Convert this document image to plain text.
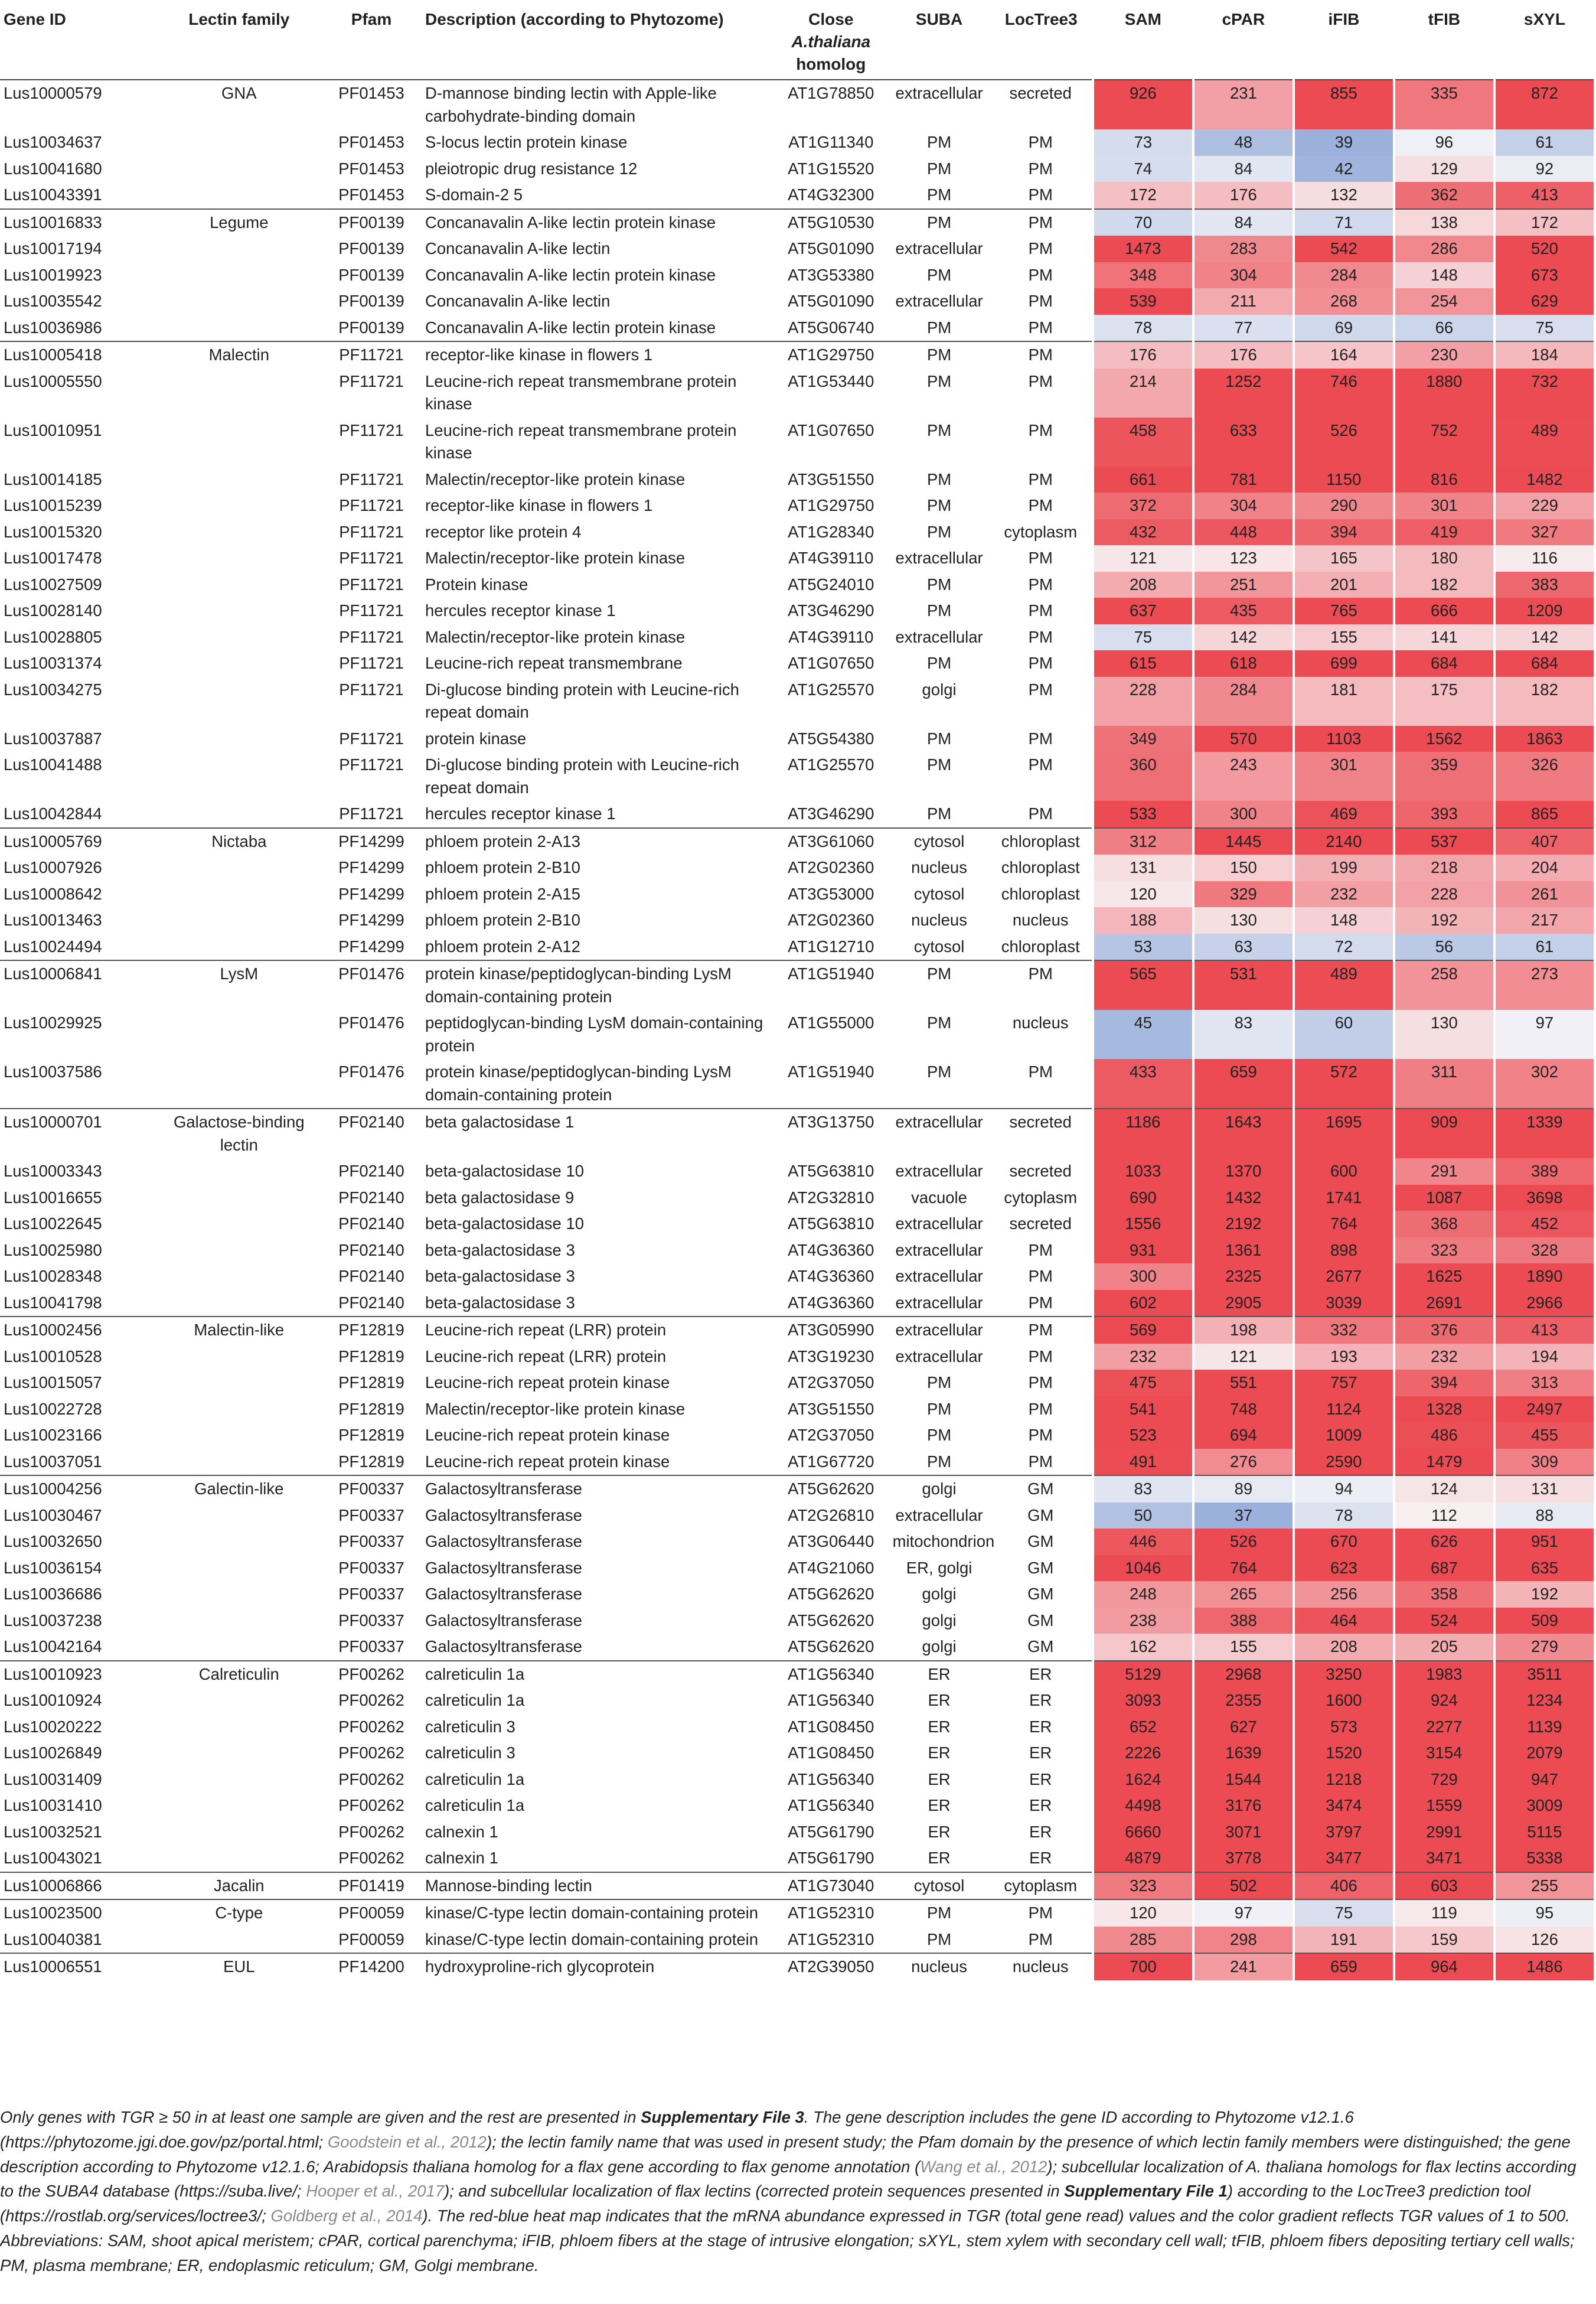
Gene ID	Lectin family	Pfam	Description (according to Phytozome)	Close
A.thaliana
homolog	SUBA	LocTree3	SAM	cPAR	iFIB	tFIB	sXYL
Lus10000579	GNA	PF01453	D-mannose binding lectin with Apple-like carbohydrate-binding domain	AT1G78850	extracellular	secreted	926	231	855	335	872
Lus10034637		PF01453	S-locus lectin protein kinase	AT1G11340	PM	PM	73	48	39	96	61
Lus10041680		PF01453	pleiotropic drug resistance 12	AT1G15520	PM	PM	74	84	42	129	92
Lus10043391		PF01453	S-domain-2 5	AT4G32300	PM	PM	172	176	132	362	413
Lus10016833	Legume	PF00139	Concanavalin A-like lectin protein kinase	AT5G10530	PM	PM	70	84	71	138	172
Lus10017194		PF00139	Concanavalin A-like lectin	AT5G01090	extracellular	PM	1473	283	542	286	520
Lus10019923		PF00139	Concanavalin A-like lectin protein kinase	AT3G53380	PM	PM	348	304	284	148	673
Lus10035542		PF00139	Concanavalin A-like lectin	AT5G01090	extracellular	PM	539	211	268	254	629
Lus10036986		PF00139	Concanavalin A-like lectin protein kinase	AT5G06740	PM	PM	78	77	69	66	75
Lus10005418	Malectin	PF11721	receptor-like kinase in flowers 1	AT1G29750	PM	PM	176	176	164	230	184
Lus10005550		PF11721	Leucine-rich repeat transmembrane protein kinase	AT1G53440	PM	PM	214	1252	746	1880	732
Lus10010951		PF11721	Leucine-rich repeat transmembrane protein kinase	AT1G07650	PM	PM	458	633	526	752	489
Lus10014185		PF11721	Malectin/receptor-like protein kinase	AT3G51550	PM	PM	661	781	1150	816	1482
Lus10015239		PF11721	receptor-like kinase in flowers 1	AT1G29750	PM	PM	372	304	290	301	229
Lus10015320		PF11721	receptor like protein 4	AT1G28340	PM	cytoplasm	432	448	394	419	327
Lus10017478		PF11721	Malectin/receptor-like protein kinase	AT4G39110	extracellular	PM	121	123	165	180	116
Lus10027509		PF11721	Protein kinase	AT5G24010	PM	PM	208	251	201	182	383
Lus10028140		PF11721	hercules receptor kinase 1	AT3G46290	PM	PM	637	435	765	666	1209
Lus10028805		PF11721	Malectin/receptor-like protein kinase	AT4G39110	extracellular	PM	75	142	155	141	142
Lus10031374		PF11721	Leucine-rich repeat transmembrane	AT1G07650	PM	PM	615	618	699	684	684
Lus10034275		PF11721	Di-glucose binding protein with Leucine-rich repeat domain	AT1G25570	golgi	PM	228	284	181	175	182
Lus10037887		PF11721	protein kinase	AT5G54380	PM	PM	349	570	1103	1562	1863
Lus10041488		PF11721	Di-glucose binding protein with Leucine-rich repeat domain	AT1G25570	PM	PM	360	243	301	359	326
Lus10042844		PF11721	hercules receptor kinase 1	AT3G46290	PM	PM	533	300	469	393	865
Lus10005769	Nictaba	PF14299	phloem protein 2-A13	AT3G61060	cytosol	chloroplast	312	1445	2140	537	407
Lus10007926		PF14299	phloem protein 2-B10	AT2G02360	nucleus	chloroplast	131	150	199	218	204
Lus10008642		PF14299	phloem protein 2-A15	AT3G53000	cytosol	chloroplast	120	329	232	228	261
Lus10013463		PF14299	phloem protein 2-B10	AT2G02360	nucleus	nucleus	188	130	148	192	217
Lus10024494		PF14299	phloem protein 2-A12	AT1G12710	cytosol	chloroplast	53	63	72	56	61
Lus10006841	LysM	PF01476	protein kinase/peptidoglycan-binding LysM domain-containing protein	AT1G51940	PM	PM	565	531	489	258	273
Lus10029925		PF01476	peptidoglycan-binding LysM domain-containing protein	AT1G55000	PM	nucleus	45	83	60	130	97
Lus10037586		PF01476	protein kinase/peptidoglycan-binding LysM domain-containing protein	AT1G51940	PM	PM	433	659	572	311	302
Lus10000701	Galactose-binding lectin	PF02140	beta galactosidase 1	AT3G13750	extracellular	secreted	1186	1643	1695	909	1339
Lus10003343		PF02140	beta-galactosidase 10	AT5G63810	extracellular	secreted	1033	1370	600	291	389
Lus10016655		PF02140	beta galactosidase 9	AT2G32810	vacuole	cytoplasm	690	1432	1741	1087	3698
Lus10022645		PF02140	beta-galactosidase 10	AT5G63810	extracellular	secreted	1556	2192	764	368	452
Lus10025980		PF02140	beta-galactosidase 3	AT4G36360	extracellular	PM	931	1361	898	323	328
Lus10028348		PF02140	beta-galactosidase 3	AT4G36360	extracellular	PM	300	2325	2677	1625	1890
Lus10041798		PF02140	beta-galactosidase 3	AT4G36360	extracellular	PM	602	2905	3039	2691	2966
Lus10002456	Malectin-like	PF12819	Leucine-rich repeat (LRR) protein	AT3G05990	extracellular	PM	569	198	332	376	413
Lus10010528		PF12819	Leucine-rich repeat (LRR) protein	AT3G19230	extracellular	PM	232	121	193	232	194
Lus10015057		PF12819	Leucine-rich repeat protein kinase	AT2G37050	PM	PM	475	551	757	394	313
Lus10022728		PF12819	Malectin/receptor-like protein kinase	AT3G51550	PM	PM	541	748	1124	1328	2497
Lus10023166		PF12819	Leucine-rich repeat protein kinase	AT2G37050	PM	PM	523	694	1009	486	455
Lus10037051		PF12819	Leucine-rich repeat protein kinase	AT1G67720	PM	PM	491	276	2590	1479	309
Lus10004256	Galectin-like	PF00337	Galactosyltransferase	AT5G62620	golgi	GM	83	89	94	124	131
Lus10030467		PF00337	Galactosyltransferase	AT2G26810	extracellular	GM	50	37	78	112	88
Lus10032650		PF00337	Galactosyltransferase	AT3G06440	mitochondrion	GM	446	526	670	626	951
Lus10036154		PF00337	Galactosyltransferase	AT4G21060	ER, golgi	GM	1046	764	623	687	635
Lus10036686		PF00337	Galactosyltransferase	AT5G62620	golgi	GM	248	265	256	358	192
Lus10037238		PF00337	Galactosyltransferase	AT5G62620	golgi	GM	238	388	464	524	509
Lus10042164		PF00337	Galactosyltransferase	AT5G62620	golgi	GM	162	155	208	205	279
Lus10010923	Calreticulin	PF00262	calreticulin 1a	AT1G56340	ER	ER	5129	2968	3250	1983	3511
Lus10010924		PF00262	calreticulin 1a	AT1G56340	ER	ER	3093	2355	1600	924	1234
Lus10020222		PF00262	calreticulin 3	AT1G08450	ER	ER	652	627	573	2277	1139
Lus10026849		PF00262	calreticulin 3	AT1G08450	ER	ER	2226	1639	1520	3154	2079
Lus10031409		PF00262	calreticulin 1a	AT1G56340	ER	ER	1624	1544	1218	729	947
Lus10031410		PF00262	calreticulin 1a	AT1G56340	ER	ER	4498	3176	3474	1559	3009
Lus10032521		PF00262	calnexin 1	AT5G61790	ER	ER	6660	3071	3797	2991	5115
Lus10043021		PF00262	calnexin 1	AT5G61790	ER	ER	4879	3778	3477	3471	5338
Lus10006866	Jacalin	PF01419	Mannose-binding lectin	AT1G73040	cytosol	cytoplasm	323	502	406	603	255
Lus10023500	C-type	PF00059	kinase/C-type lectin domain-containing protein	AT1G52310	PM	PM	120	97	75	119	95
Lus10040381		PF00059	kinase/C-type lectin domain-containing protein	AT1G52310	PM	PM	285	298	191	159	126
Lus10006551	EUL	PF14200	hydroxyproline-rich glycoprotein	AT2G39050	nucleus	nucleus	700	241	659	964	1486
Only genes with TGR ≥ 50 in at least one sample are given and the rest are presented in Supplementary File 3. The gene description includes the gene ID according to Phytozome v12.1.6 (https://phytozome.jgi.doe.gov/pz/portal.html; Goodstein et al., 2012); the lectin family name that was used in present study; the Pfam domain by the presence of which lectin family members were distinguished; the gene description according to Phytozome v12.1.6; Arabidopsis thaliana homolog for a flax gene according to flax genome annotation (Wang et al., 2012); subcellular localization of A. thaliana homologs for flax lectins according to the SUBA4 database (https://suba.live/; Hooper et al., 2017); and subcellular localization of flax lectins (corrected protein sequences presented in Supplementary File 1) according to the LocTree3 prediction tool (https://rostlab.org/services/loctree3/; Goldberg et al., 2014). The red-blue heat map indicates that the mRNA abundance expressed in TGR (total gene read) values and the color gradient reflects TGR values of 1 to 500. Abbreviations: SAM, shoot apical meristem; cPAR, cortical parenchyma; iFIB, phloem fibers at the stage of intrusive elongation; sXYL, stem xylem with secondary cell wall; tFIB, phloem fibers depositing tertiary cell walls; PM, plasma membrane; ER, endoplasmic reticulum; GM, Golgi membrane.
